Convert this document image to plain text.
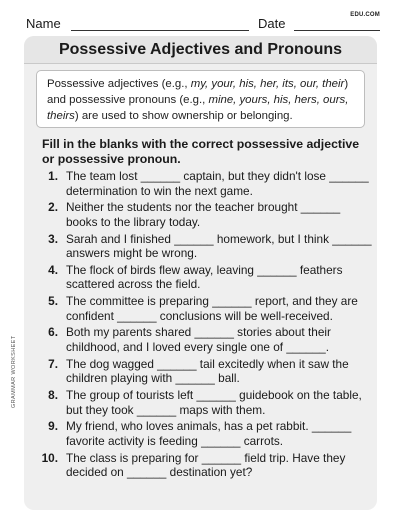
Name	Date
EDU.COM
Possessive Adjectives and Pronouns
Possessive adjectives (e.g., my, your, his, her, its, our, their) and possessive pronouns (e.g., mine, yours, his, hers, ours, theirs) are used to show ownership or belonging.
Fill in the blanks with the correct possessive adjective or possessive pronoun.
1. The team lost ______ captain, but they didn't lose ______ determination to win the next game.
2. Neither the students nor the teacher brought ______ books to the library today.
3. Sarah and I finished ______ homework, but I think ______ answers might be wrong.
4. The flock of birds flew away, leaving ______ feathers scattered across the field.
5. The committee is preparing ______ report, and they are confident ______ conclusions will be well-received.
6. Both my parents shared ______ stories about their childhood, and I loved every single one of ______.
7. The dog wagged ______ tail excitedly when it saw the children playing with ______ ball.
8. The group of tourists left ______ guidebook on the table, but they took ______ maps with them.
9. My friend, who loves animals, has a pet rabbit. ______ favorite activity is feeding ______ carrots.
10. The class is preparing for ______ field trip. Have they decided on ______ destination yet?
GRAMMAR WORKSHEET
